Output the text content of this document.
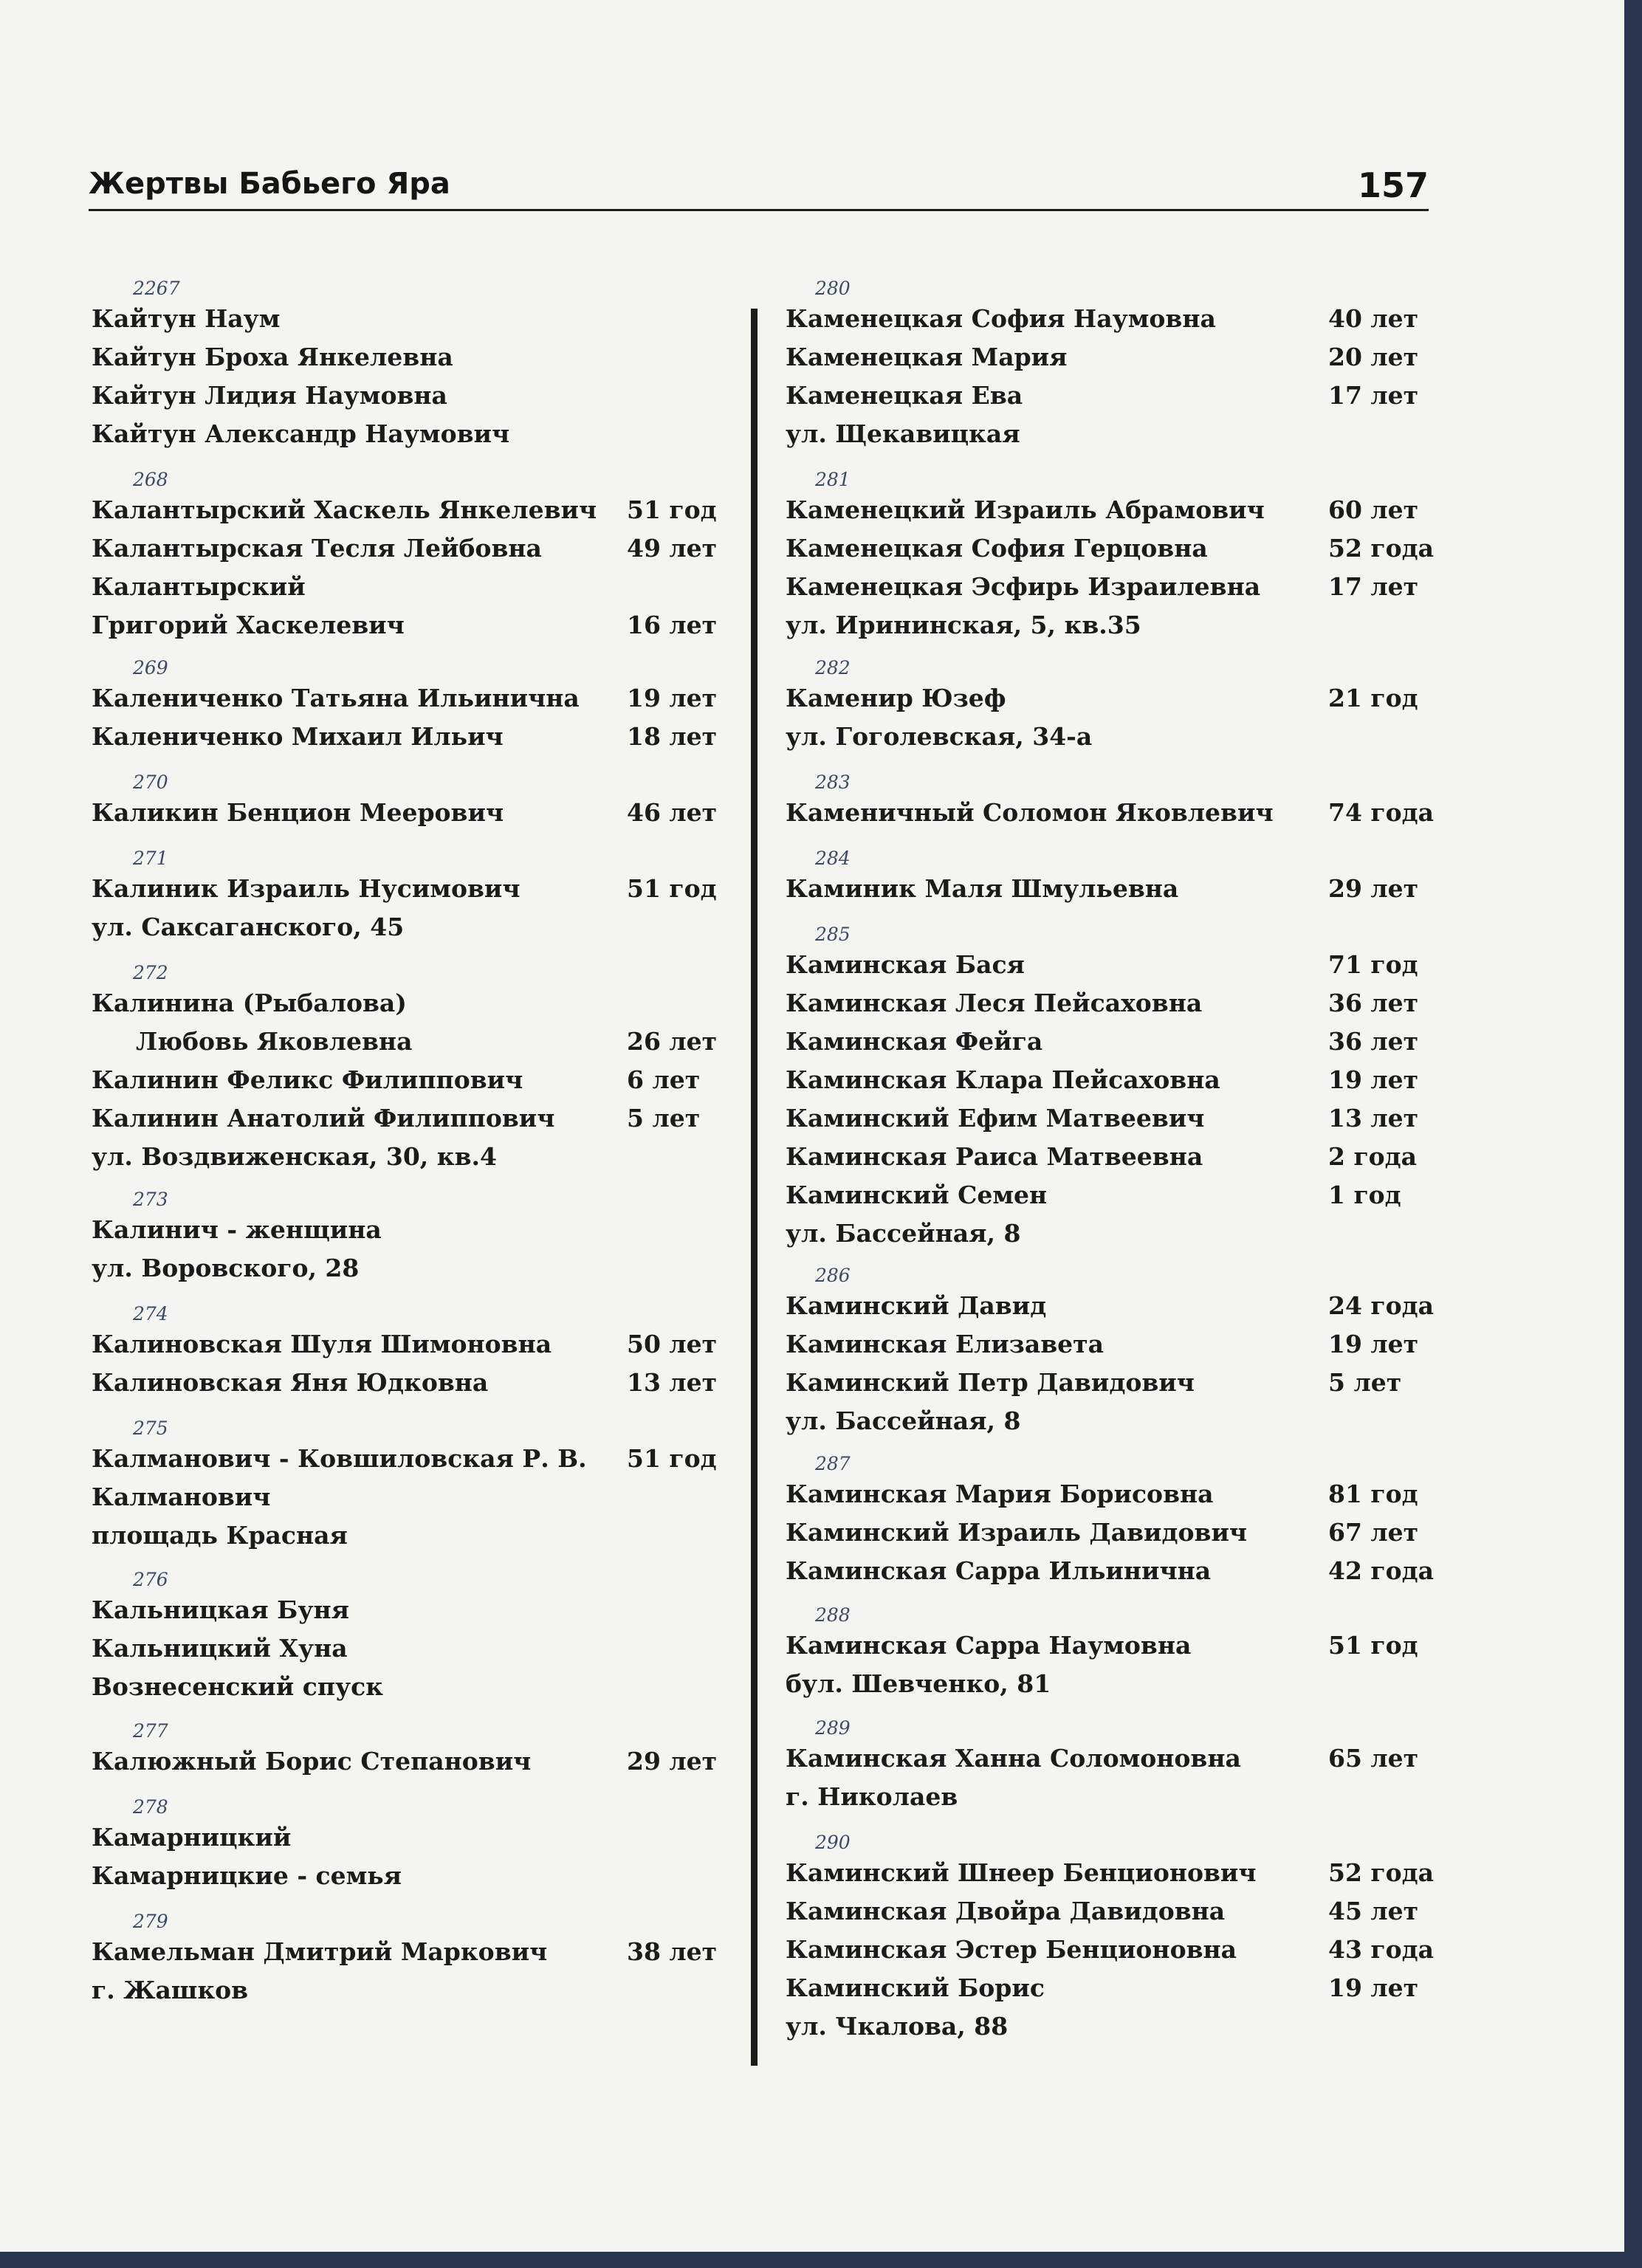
Жертвы Бабьего Яра	157
2267
Кайтун Наум
Кайтун Броха Янкелевна
Кайтун Лидия Наумовна
Кайтун Александр Наумович
268
Калантырский Хаскель Янкелевич 51 год
Калантырская Тесля Лейбовна	49 лет
Калантырский
Григорий Хаскелевич	16 лет
269
Калениченко Татьяна Ильинична 19 лет
Калениченко Михаил Ильич	18 лет
270
Каликин Бенцион Меерович	46 лет
271
Калиник Израиль Нусимович	51 год
ул. Саксаганского, 45
272
Калинина (Рыбалова)
Любовь Яковлевна	26 лет
Калинин Феликс Филиппович	6 лет
Калинин Анатолий Филиппович	5 лет
ул. Воздвиженская, 30, кв.4
273
Калинич - женщина
ул. Воровского, 28
274
Калиновская Шуля Шимоновна	50 лет
Калиновская Яня Юдковна	13 лет
275
Калманович - Ковшиловская Р. В. 51 год
Калманович
площадь Красная
276
Кальницкая Буня
Кальницкий Хуна
Вознесенский спуск
277
Калюжный Борис Степанович	29 лет
278
Камарницкий
Камарницкие - семья
279
Камельман Дмитрий Маркович	38 лет
г. Жашков
280
Каменецкая София Наумовна	40 лет
Каменецкая Мария	20 лет
Каменецкая Ева	17 лет
ул. Щекавицкая
281
Каменецкий Израиль Абрамович	60 лет
Каменецкая София Герцовна	52 года
Каменецкая Эсфирь Израилевна	17 лет
ул. Ирининская, 5, кв.35
282
Каменир Юзеф	21 год
ул. Гоголевская, 34-а
283
Каменичный Соломон Яковлевич 74 года
284
Каминик Маля Шмульевна	29 лет
285
Каминская Бася	71 год
Каминская Леся Пейсаховна	36 лет
Каминская Фейга	36 лет
Каминская Клара Пейсаховна	19 лет
Каминский Ефим Матвеевич	13 лет
Каминская Раиса Матвеевна	2 года
Каминский Семен	1 год
ул. Бассейная, 8
286
Каминский Давид	24 года
Каминская Елизавета	19 лет
Каминский Петр Давидович	5 лет
ул. Бассейная, 8
287
Каминская Мария Борисовна	81 год
Каминский Израиль Давидович	67 лет
Каминская Сарра Ильинична	42 года
288
Каминская Сарра Наумовна	51 год
бул. Шевченко, 81
289
Каминская Ханна Соломоновна	65 лет
г. Николаев
290
Каминский Шнеер Бенционович	52 года
Каминская Двойра Давидовна	45 лет
Каминская Эстер Бенционовна	43 года
Каминский Борис	19 лет
ул. Чкалова, 88
